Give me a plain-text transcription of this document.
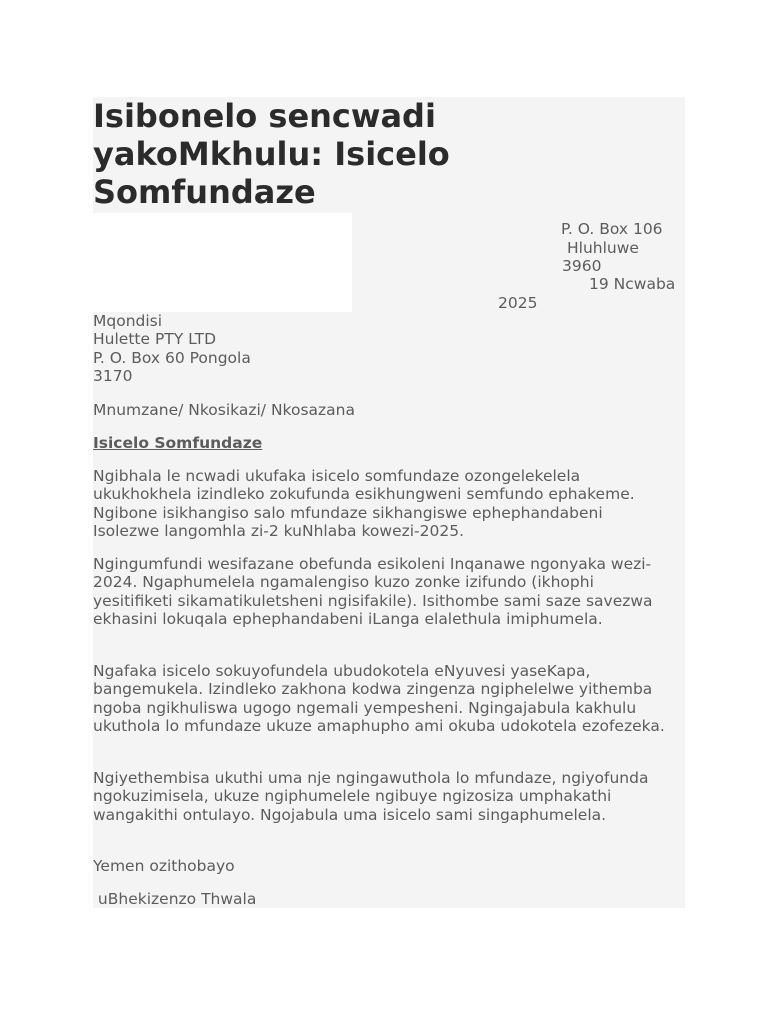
Isibonelo sencwadi yakoMkhulu: Isicelo Somfundaze
P. O. Box 106
Hluhluwe
3960
19 Ncwaba
2025

Mqondisi

Hulette PTY LTD

P. O. Box 60 Pongola

3170

Mnumzane/ Nkosikazi/ Nkosazana
Isicelo Somfundaze
Ngibhala le ncwadi ukufaka isicelo somfundaze ozongelekelela ukukhokhela izindleko zokufunda esikhungweni semfundo ephakeme. Ngibone isikhangiso salo mfundaze sikhangiswe ephephandabeni Isolezwe langomhla zi-2 kuNhlaba kowezi-2025.
Ngingumfundi wesifazane obefunda esikoleni Inqanawe ngonyaka wezi-2024. Ngaphumelela ngamalengiso kuzo zonke izifundo (ikhophi yesitifiketi sikamatikuletsheni ngisifakile). Isithombe sami saze savezwa ekhasini lokuqala ephephandabeni iLanga elalethula imiphumela.
Ngafaka isicelo sokuyofundela ubudokotela eNyuvesi yaseKapa, bangemukela. Izindleko zakhona kodwa zingenza ngiphelelwe yithemba ngoba ngikhuliswa ugogo ngemali yempesheni. Ngingajabula kakhulu ukuthola lo mfundaze ukuze amaphupho ami okuba udokotela ezofezeka.
Ngiyethembisa ukuthi uma nje ngingawuthola lo mfundaze, ngiyofunda ngokuzimisela, ukuze ngiphumelele ngibuye ngizosiza umphakathi wangakithi ontulayo. Ngojabula uma isicelo sami singaphumelela.
Yemen ozithobayo
uBhekizenzo Thwala
